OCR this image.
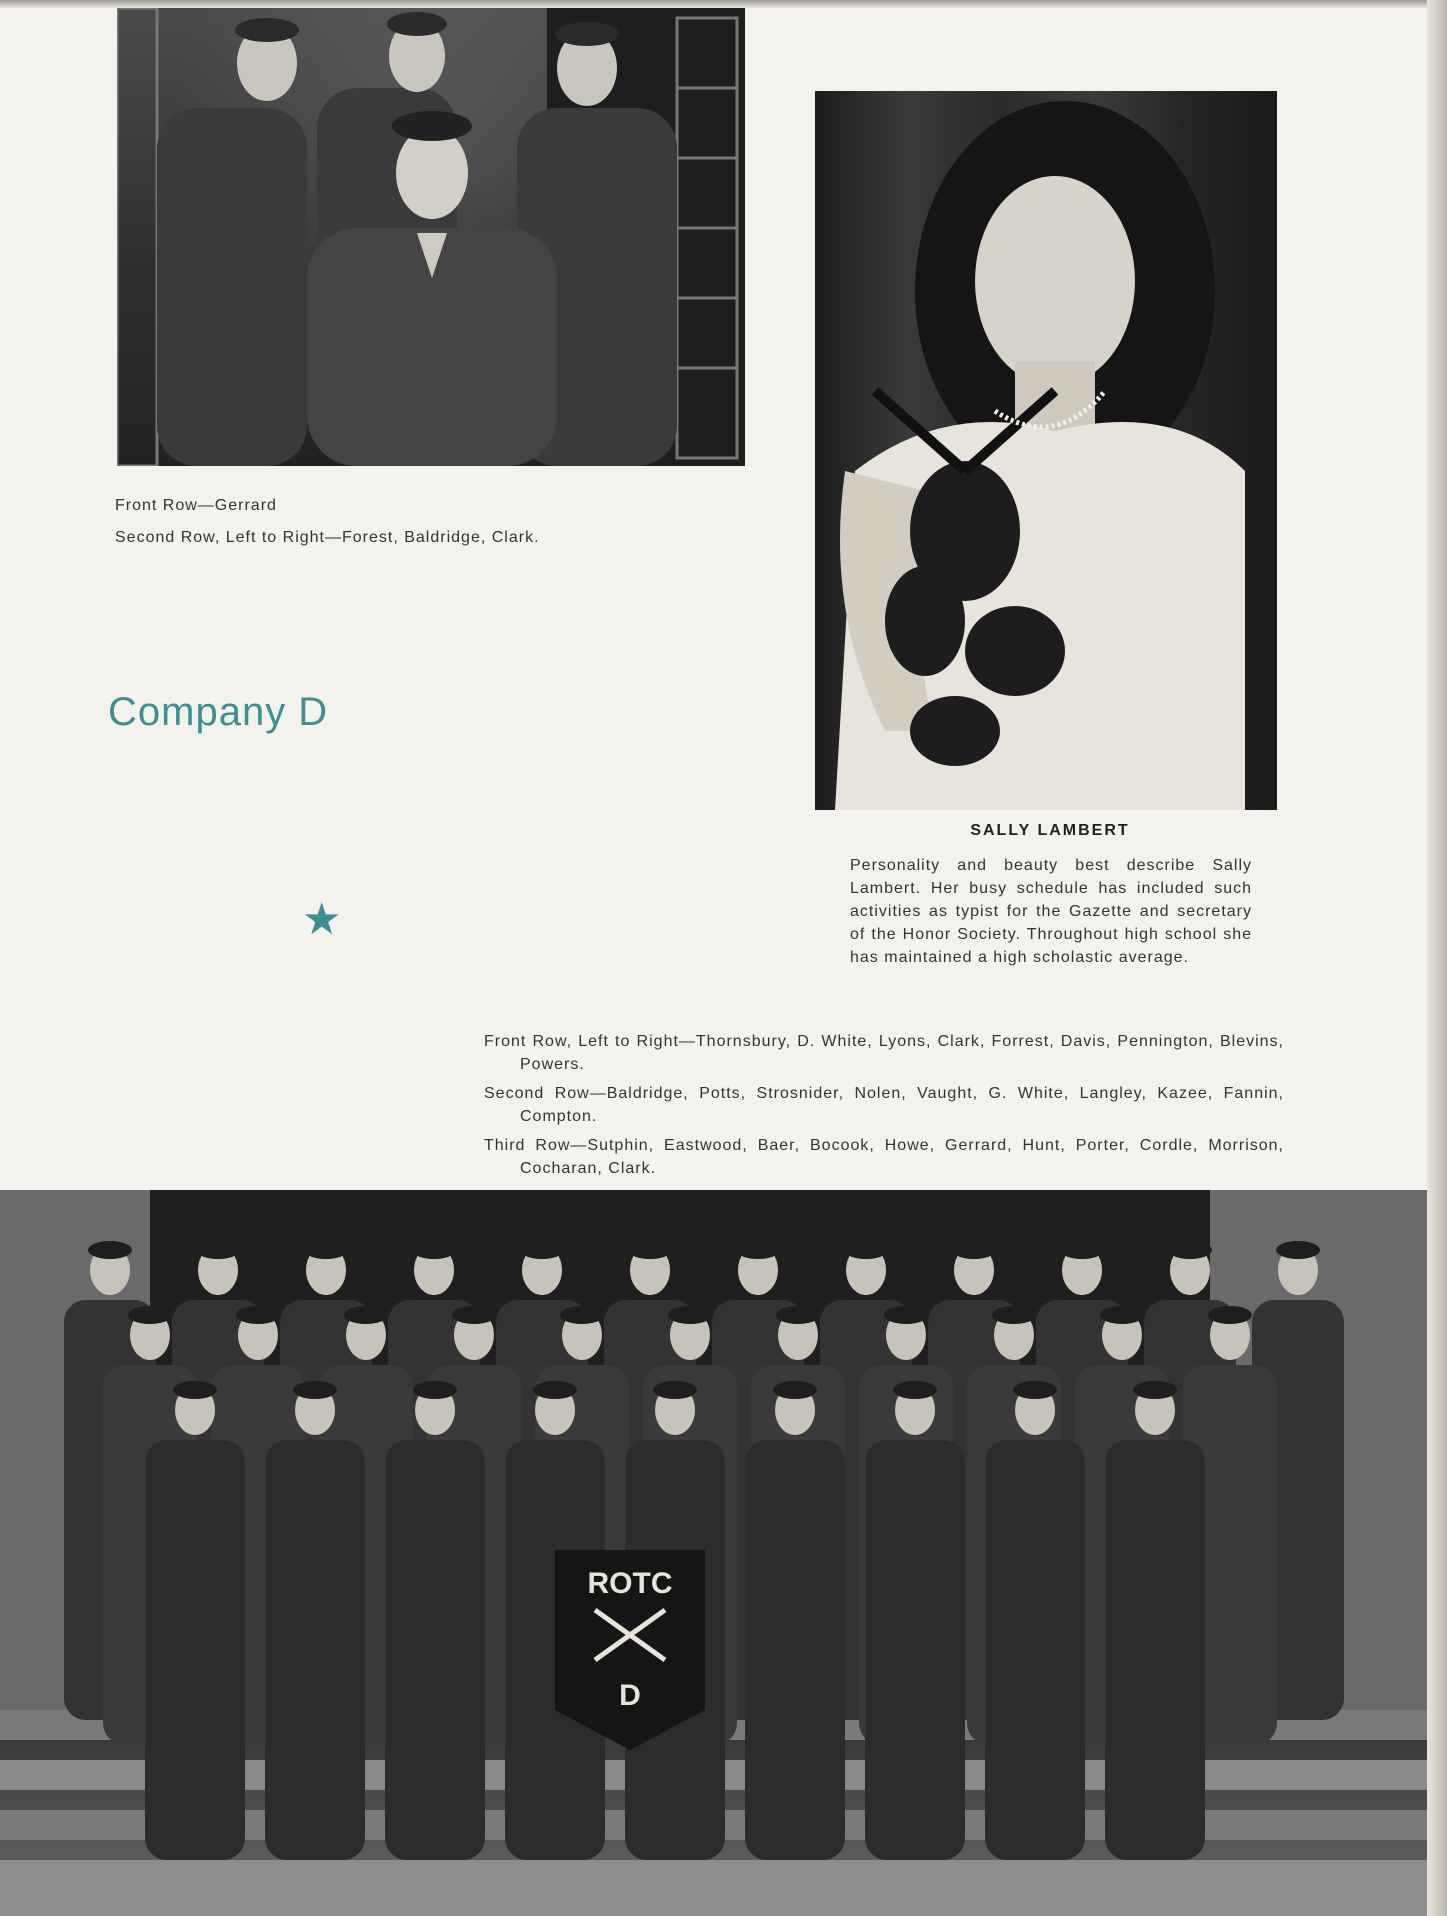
Front Row—Gerrard
Second Row, Left to Right—Forest, Baldridge, Clark.
Company D
★
SALLY LAMBERT
Personality and beauty best describe Sally Lambert. Her busy schedule has included such activities as typist for the Gazette and secretary of the Honor Society. Throughout high school she has maintained a high scholastic average.
Front Row, Left to Right—Thornsbury, D. White, Lyons, Clark, Forrest, Davis, Pennington, Blevins, Powers.
Second Row—Baldridge, Potts, Strosnider, Nolen, Vaught, G. White, Langley, Kazee, Fannin, Compton.
Third Row—Sutphin, Eastwood, Baer, Bocook, Howe, Gerrard, Hunt, Porter, Cordle, Morrison, Cocharan, Clark.
ROTC
D
